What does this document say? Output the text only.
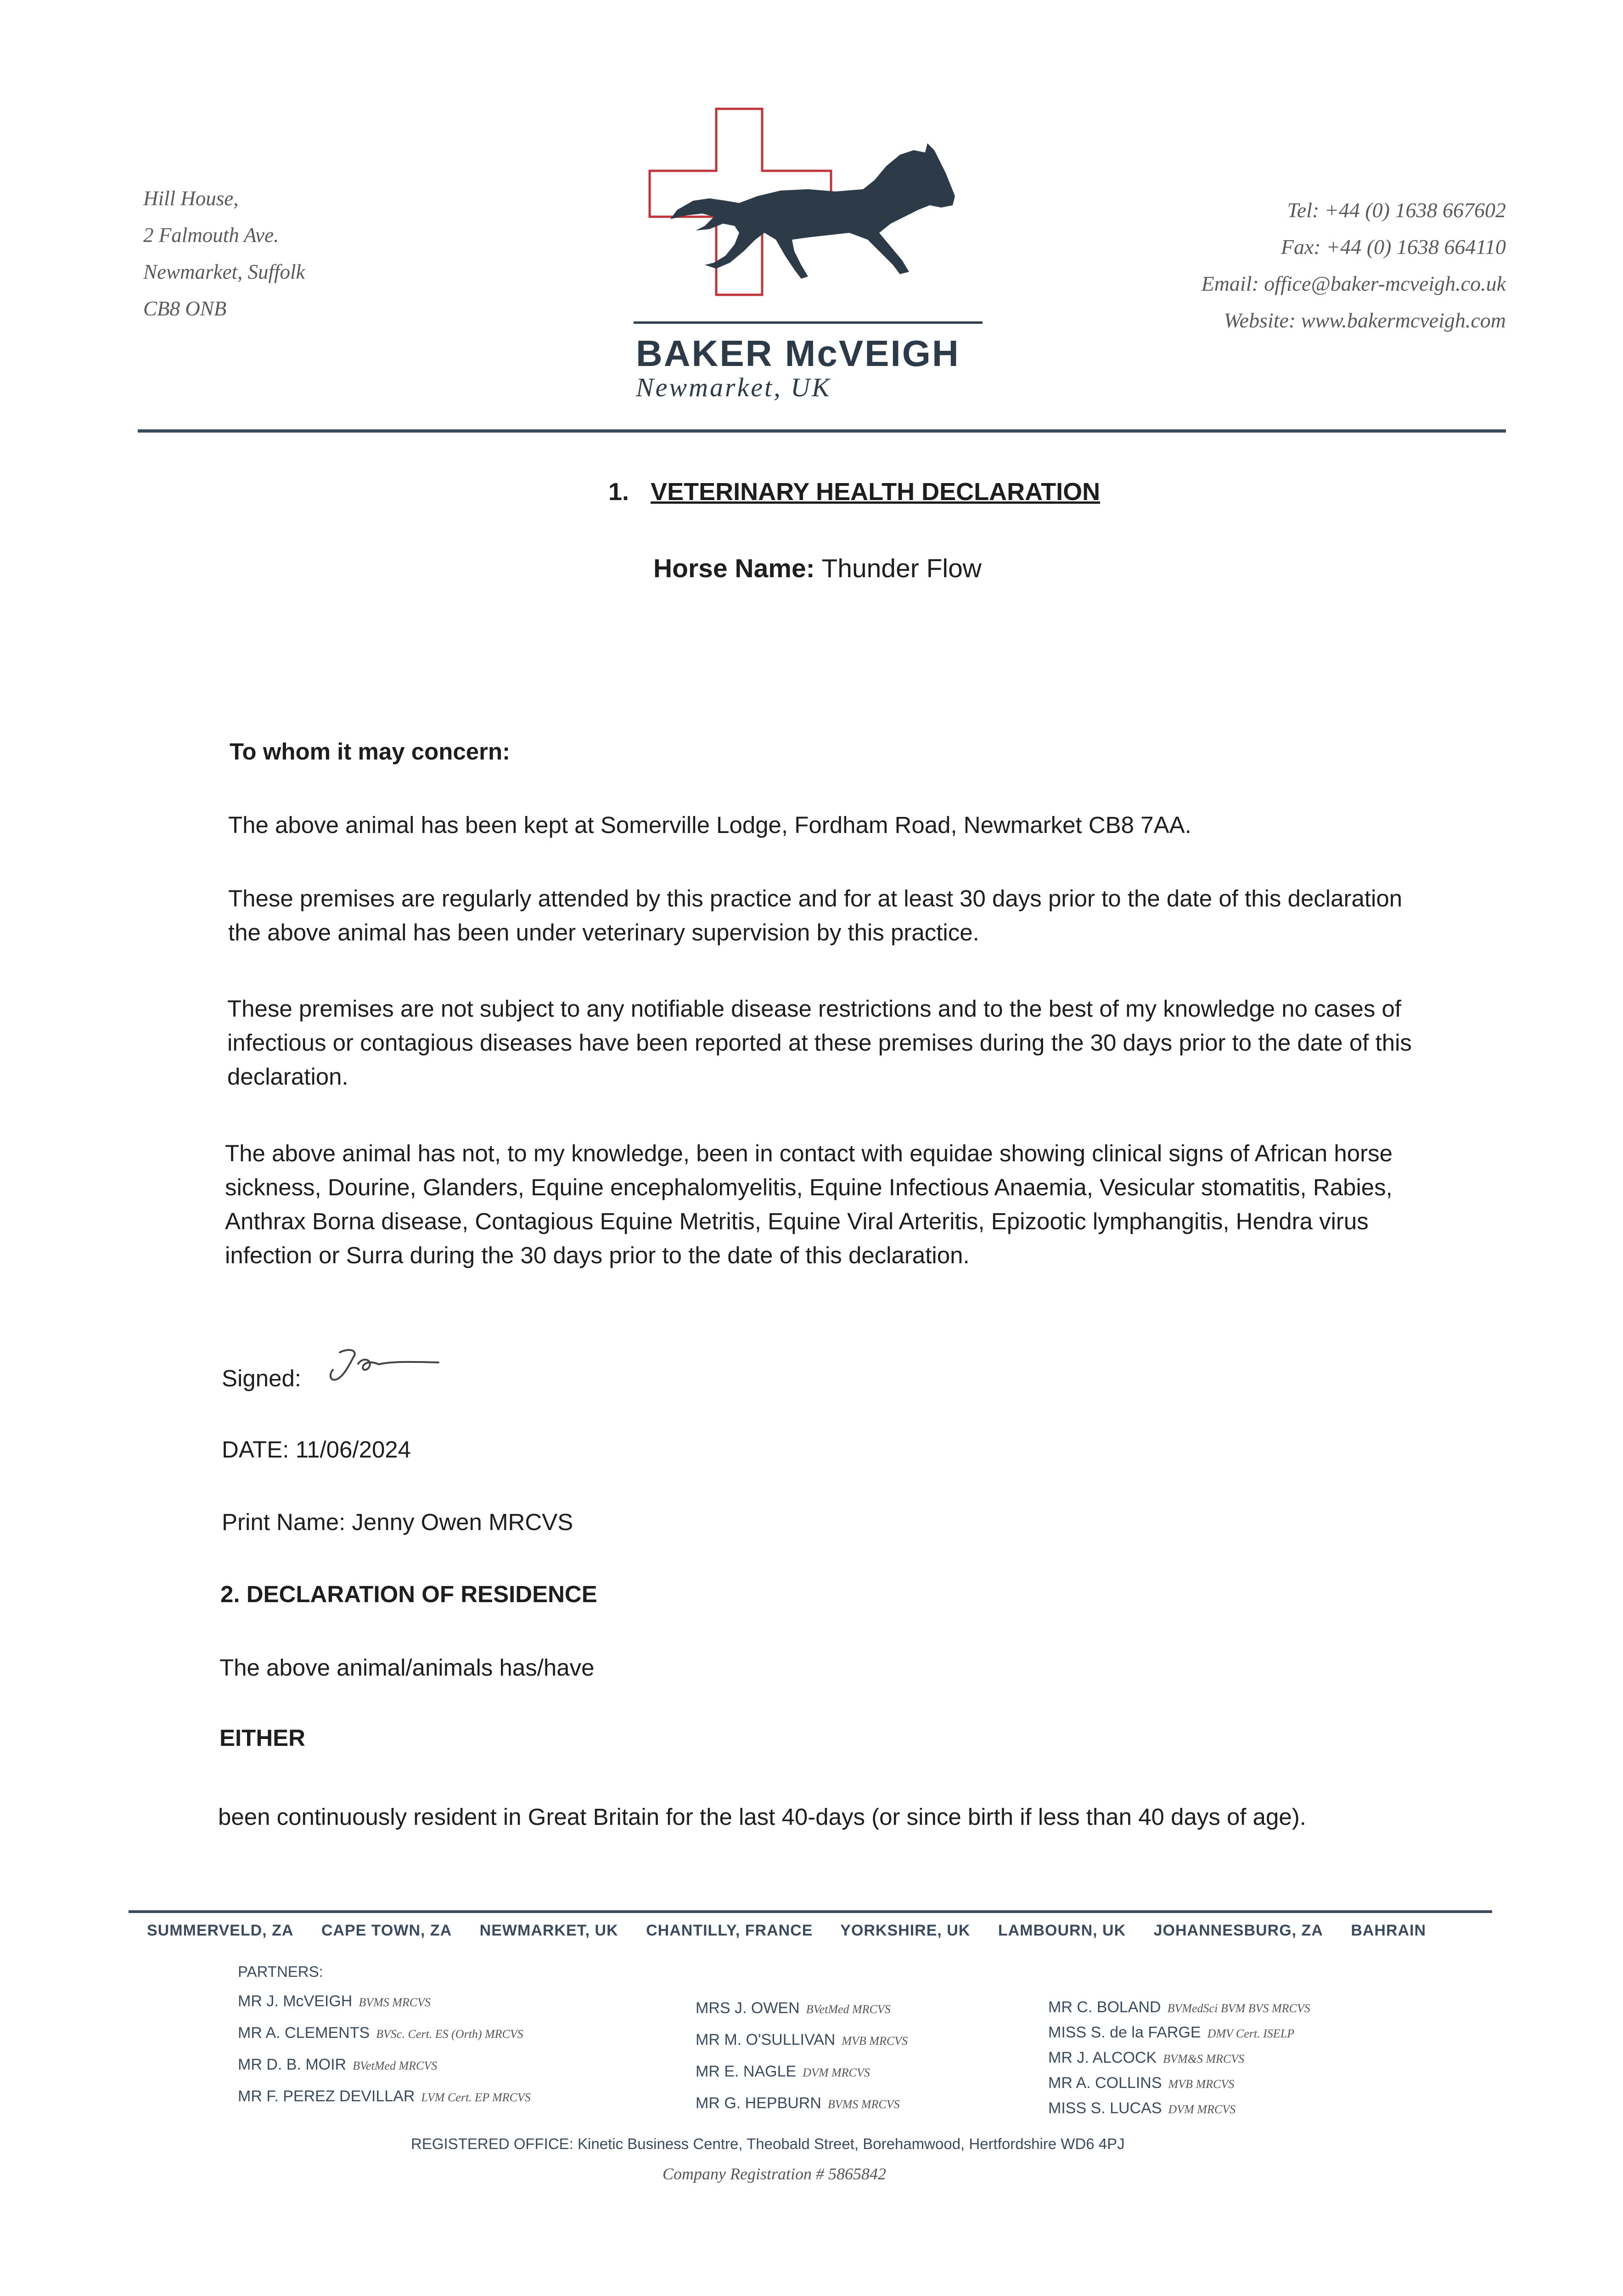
Hill House,
2 Falmouth Ave.
Newmarket, Suffolk
CB8 ONB
BAKER McVEIGH
Newmarket, UK
Tel: +44 (0) 1638 667602
Fax: +44 (0) 1638 664110
Email: office@baker-mcveigh.co.uk
Website: www.bakermcveigh.com
1. VETERINARY HEALTH DECLARATION
Horse Name: Thunder Flow
To whom it may concern:
The above animal has been kept at Somerville Lodge, Fordham Road, Newmarket CB8 7AA.
These premises are regularly attended by this practice and for at least 30 days prior to the date of this declaration the above animal has been under veterinary supervision by this practice.
These premises are not subject to any notifiable disease restrictions and to the best of my knowledge no cases of infectious or contagious diseases have been reported at these premises during the 30 days prior to the date of this declaration.
The above animal has not, to my knowledge, been in contact with equidae showing clinical signs of African horse sickness, Dourine, Glanders, Equine encephalomyelitis, Equine Infectious Anaemia, Vesicular stomatitis, Rabies, Anthrax Borna disease, Contagious Equine Metritis, Equine Viral Arteritis, Epizootic lymphangitis, Hendra virus infection or Surra during the 30 days prior to the date of this declaration.
Signed:
DATE: 11/06/2024
Print Name: Jenny Owen MRCVS
2. DECLARATION OF RESIDENCE
The above animal/animals has/have
EITHER
been continuously resident in Great Britain for the last 40-days (or since birth if less than 40 days of age).
SUMMERVELD, ZA CAPE TOWN, ZA NEWMARKET, UK CHANTILLY, FRANCE YORKSHIRE, UK LAMBOURN, UK JOHANNESBURG, ZA BAHRAIN
PARTNERS:
MR J. McVEIGH BVMS MRCVS
MR A. CLEMENTS BVSc. Cert. ES (Orth) MRCVS
MR D. B. MOIR BVetMed MRCVS
MR F. PEREZ DEVILLAR LVM Cert. EP MRCVS
MRS J. OWEN BVetMed MRCVS
MR M. O'SULLIVAN MVB MRCVS
MR E. NAGLE DVM MRCVS
MR G. HEPBURN BVMS MRCVS
MR C. BOLAND BVMedSci BVM BVS MRCVS
MISS S. de la FARGE DMV Cert. ISELP
MR J. ALCOCK BVM&S MRCVS
MR A. COLLINS MVB MRCVS
MISS S. LUCAS DVM MRCVS
REGISTERED OFFICE: Kinetic Business Centre, Theobald Street, Borehamwood, Hertfordshire WD6 4PJ
Company Registration # 5865842
